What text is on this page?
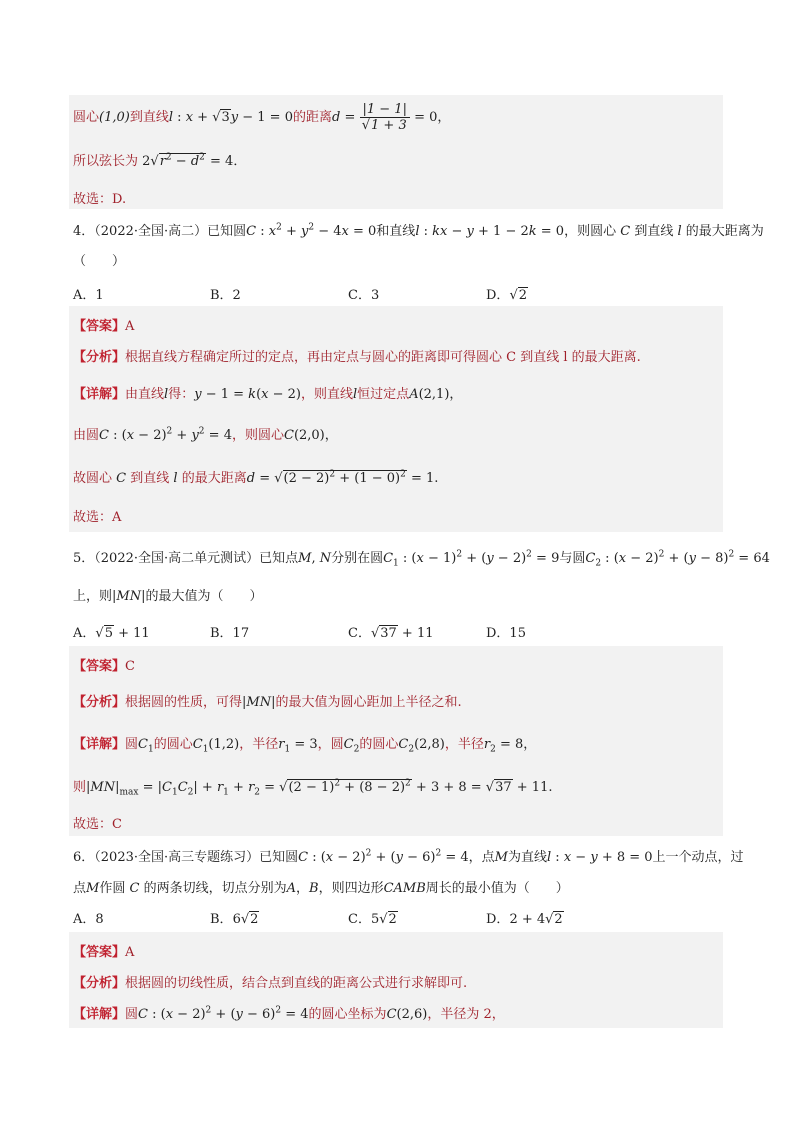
圆心(1,0)到直线l : x + √3y − 1 = 0的距离$d = \frac{|1 - 1|}{√1 + 3} = 0$，
所以弦长为 $2√r^2 - d^2 = 4$．
故选：D.
4．（2022·全国·高二）已知圆C : $x^2 + y^2 - 4x = 0$和直线l : kx − y + 1 − 2k = 0，则圆心 C 到直线 l 的最大距离为
（　　）
A．1	B．2	C．3	D．√2
【答案】A
【分析】根据直线方程确定所过的定点，再由定点与圆心的距离即可得圆心 C 到直线 l 的最大距离.
【详解】由直线l得：y − 1 = k(x − 2)，则直线l恒过定点A(2,1)，
由圆C : $(x - 2)^2 + y^2 = 4$，则圆心C(2,0)，
故圆心 C 到直线 l 的最大距离$d = √(2 - 2)^2 + (1 - 0)^2 = 1$.
故选：A
5．（2022·全国·高二单元测试）已知点M, N分别在圆$C_1$ : $(x - 1)^2 + (y - 2)^2 = 9$与圆$C_2$ : $(x - 2)^2 + (y - 8)^2 = 64$
上，则|MN|的最大值为（　　）
A．√5 + 11	B．17	C．√37 + 11	D．15
【答案】C
【分析】根据圆的性质，可得|MN|的最大值为圆心距加上半径之和.
【详解】圆$C_1$的圆心$C_1(1,2)$，半径$r_1 = 3$，圆$C_2$的圆心$C_2(2,8)$，半径$r_2 = 8$，
则$|MN|_{max} = |C_1C_2| + r_1 + r_2 = √(2 - 1)^2 + (8 - 2)^2 + 3 + 8 = √37 + 11$.
故选：C
6．（2023·全国·高三专题练习）已知圆C : $(x - 2)^2 + (y - 6)^2 = 4$，点M为直线l : x − y + 8 = 0上一个动点，过
点M作圆 C 的两条切线，切点分别为A，B，则四边形CAMB周长的最小值为（　　）
A．8	B．6√2	C．5√2	D．2 + 4√2
【答案】A
【分析】根据圆的切线性质，结合点到直线的距离公式进行求解即可.
【详解】圆C : $(x - 2)^2 + (y - 6)^2 = 4$的圆心坐标为C(2,6)，半径为 2，
